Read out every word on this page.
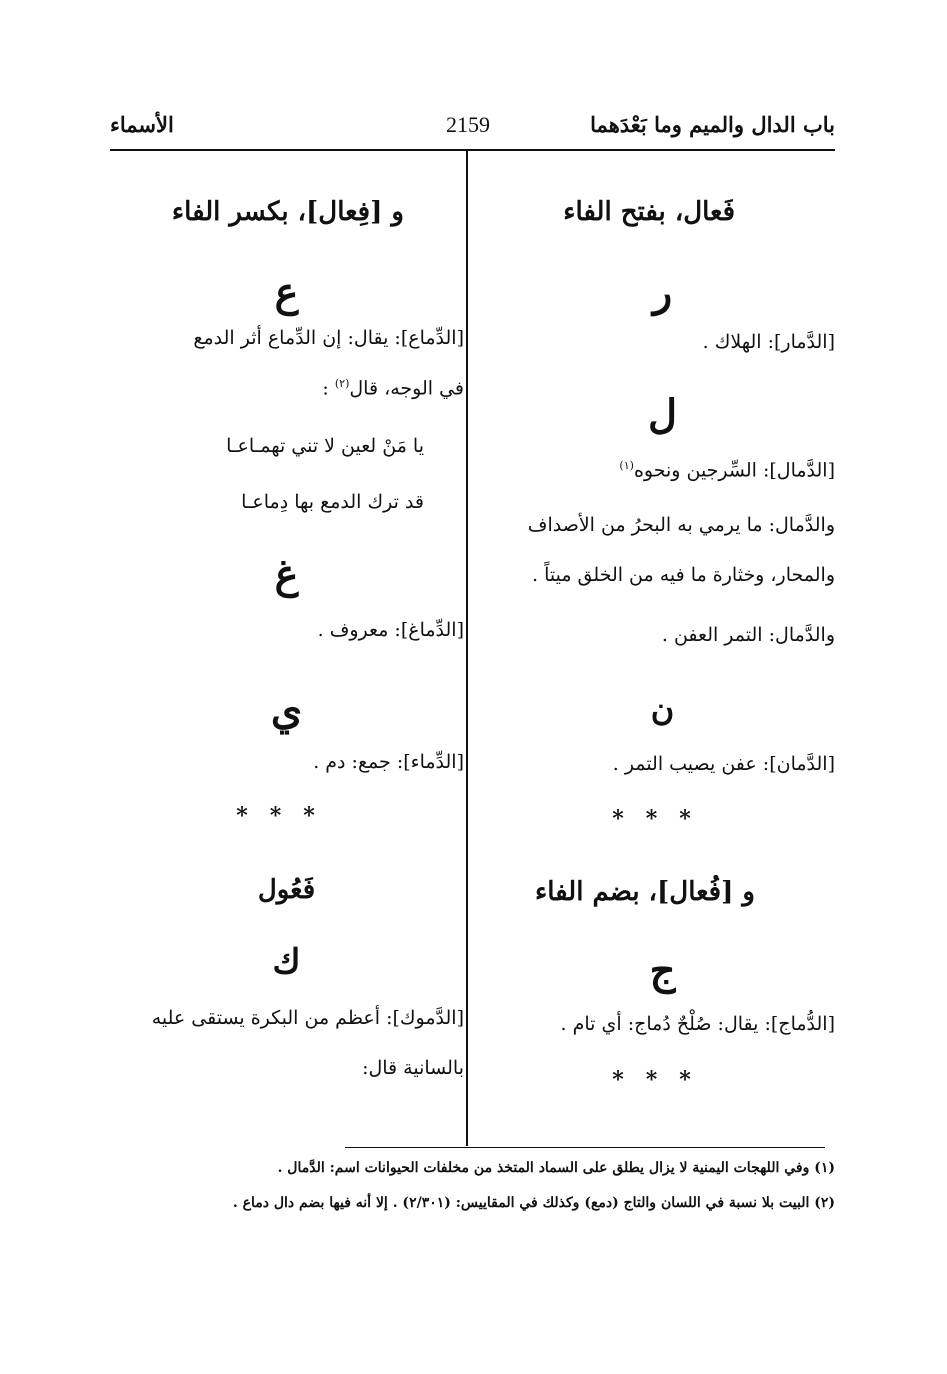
باب الدال والميم وما بَعْدَهما
2159
الأسماء
فَعال، بفتح الفاء
ر
[الدَّمار]: الهلاك .
ل
[الدَّمال]: السِّرجين ونحوه$^{(١)}$
والدَّمال: ما يرمي به البحرُ من الأصداف
والمحار، وخثارة ما فيه من الخلق ميتاً .
والدَّمال: التمر العفن .
ن
[الدَّمان]: عفن يصيب التمر .
***
و [فُعال]، بضم الفاء
ج
[الدُّماج]: يقال: صُلْحٌ دُماج: أي تام .
***
و [فِعال]، بكسر الفاء
ع
[الدِّماع]: يقال: إن الدِّماع أثر الدمع
في الوجه، قال$^{(٢)}$ :
يا مَنْ لعين لا تني تهمـاعـا
قد ترك الدمع بها دِماعـا
غ
[الدِّماغ]: معروف .
ي
[الدِّماء]: جمع: دم .
***
فَعُول
ك
[الدَّموك]: أعظم من البكرة يستقى عليه
بالسانية قال:
(١) وفي اللهجات اليمنية لا يزال يطلق على السماد المتخذ من مخلفات الحيوانات اسم: الدَّمال .
(٢) البيت بلا نسبة في اللسان والتاج (دمع) وكذلك في المقاييس: (٢/٣٠١) . إلا أنه فيها بضم دال دماع .
